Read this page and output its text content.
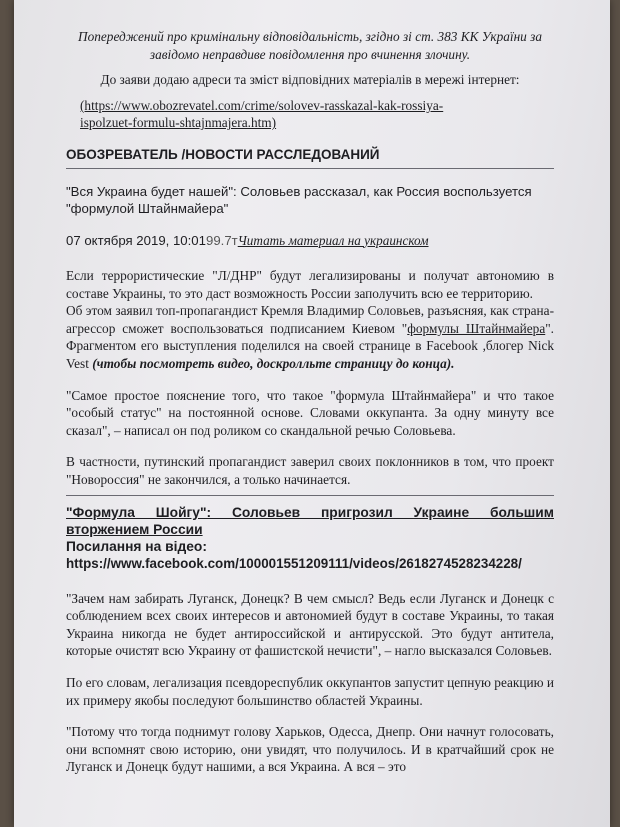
Попереджений про кримінальну відповідальність, згідно зі ст. 383 КК України за завідомо неправдиве повідомлення про вчинення злочину.

До заяви додаю адреси та зміст відповідних матеріалів в мережі інтернет:

(https://www.obozrevatel.com/crime/solovev-rasskazal-kak-rossiya-ispolzuet-formulu-shtajnmajera.htm)

ОБОЗРЕВАТЕЛЬ /НОВОСТИ РАССЛЕДОВАНИЙ

"Вся Украина будет нашей": Соловьев рассказал, как Россия воспользуется "формулой Штайнмайера"

07 октября 2019, 10:0199.7тЧитать материал на украинском

Если террористические "Л/ДНР" будут легализированы и получат автономию в составе Украины, то это даст возможность России заполучить всю ее территорию.

Об этом заявил топ-пропагандист Кремля Владимир Соловьев, разъясняя, как страна-агрессор сможет воспользоваться подписанием Киевом "формулы Штайнмайера". Фрагментом его выступления поделился на своей странице в Facebook ,блогер Nick Vest (чтобы посмотреть видео, доскролльте страницу до конца).

"Самое простое пояснение того, что такое "формула Штайнмайера" и что такое "особый статус" на постоянной основе. Словами оккупанта. За одну минуту все сказал", – написал он под роликом со скандальной речью Соловьева.

В частности, путинский пропагандист заверил своих поклонников в том, что проект "Новороссия" не закончился, а только начинается.

"Формула Шойгу": Соловьев пригрозил Украине большим вторжением России

Посилання на відео:

https://www.facebook.com/100001551209111/videos/2618274528234228/

"Зачем нам забирать Луганск, Донецк? В чем смысл? Ведь если Луганск и Донецк с соблюдением всех своих интересов и автономией будут в составе Украины, то такая Украина никогда не будет антироссийской и антирусской. Это будут антитела, которые очистят всю Украину от фашистской нечисти", – нагло высказался Соловьев.

По его словам, легализация псевдореспублик оккупантов запустит цепную реакцию и их примеру якобы последуют большинство областей Украины.

"Потому что тогда поднимут голову Харьков, Одесса, Днепр. Они начнут голосовать, они вспомнят свою историю, они увидят, что получилось. И в кратчайший срок не Луганск и Донецк будут нашими, а вся Украина. А вся – это
